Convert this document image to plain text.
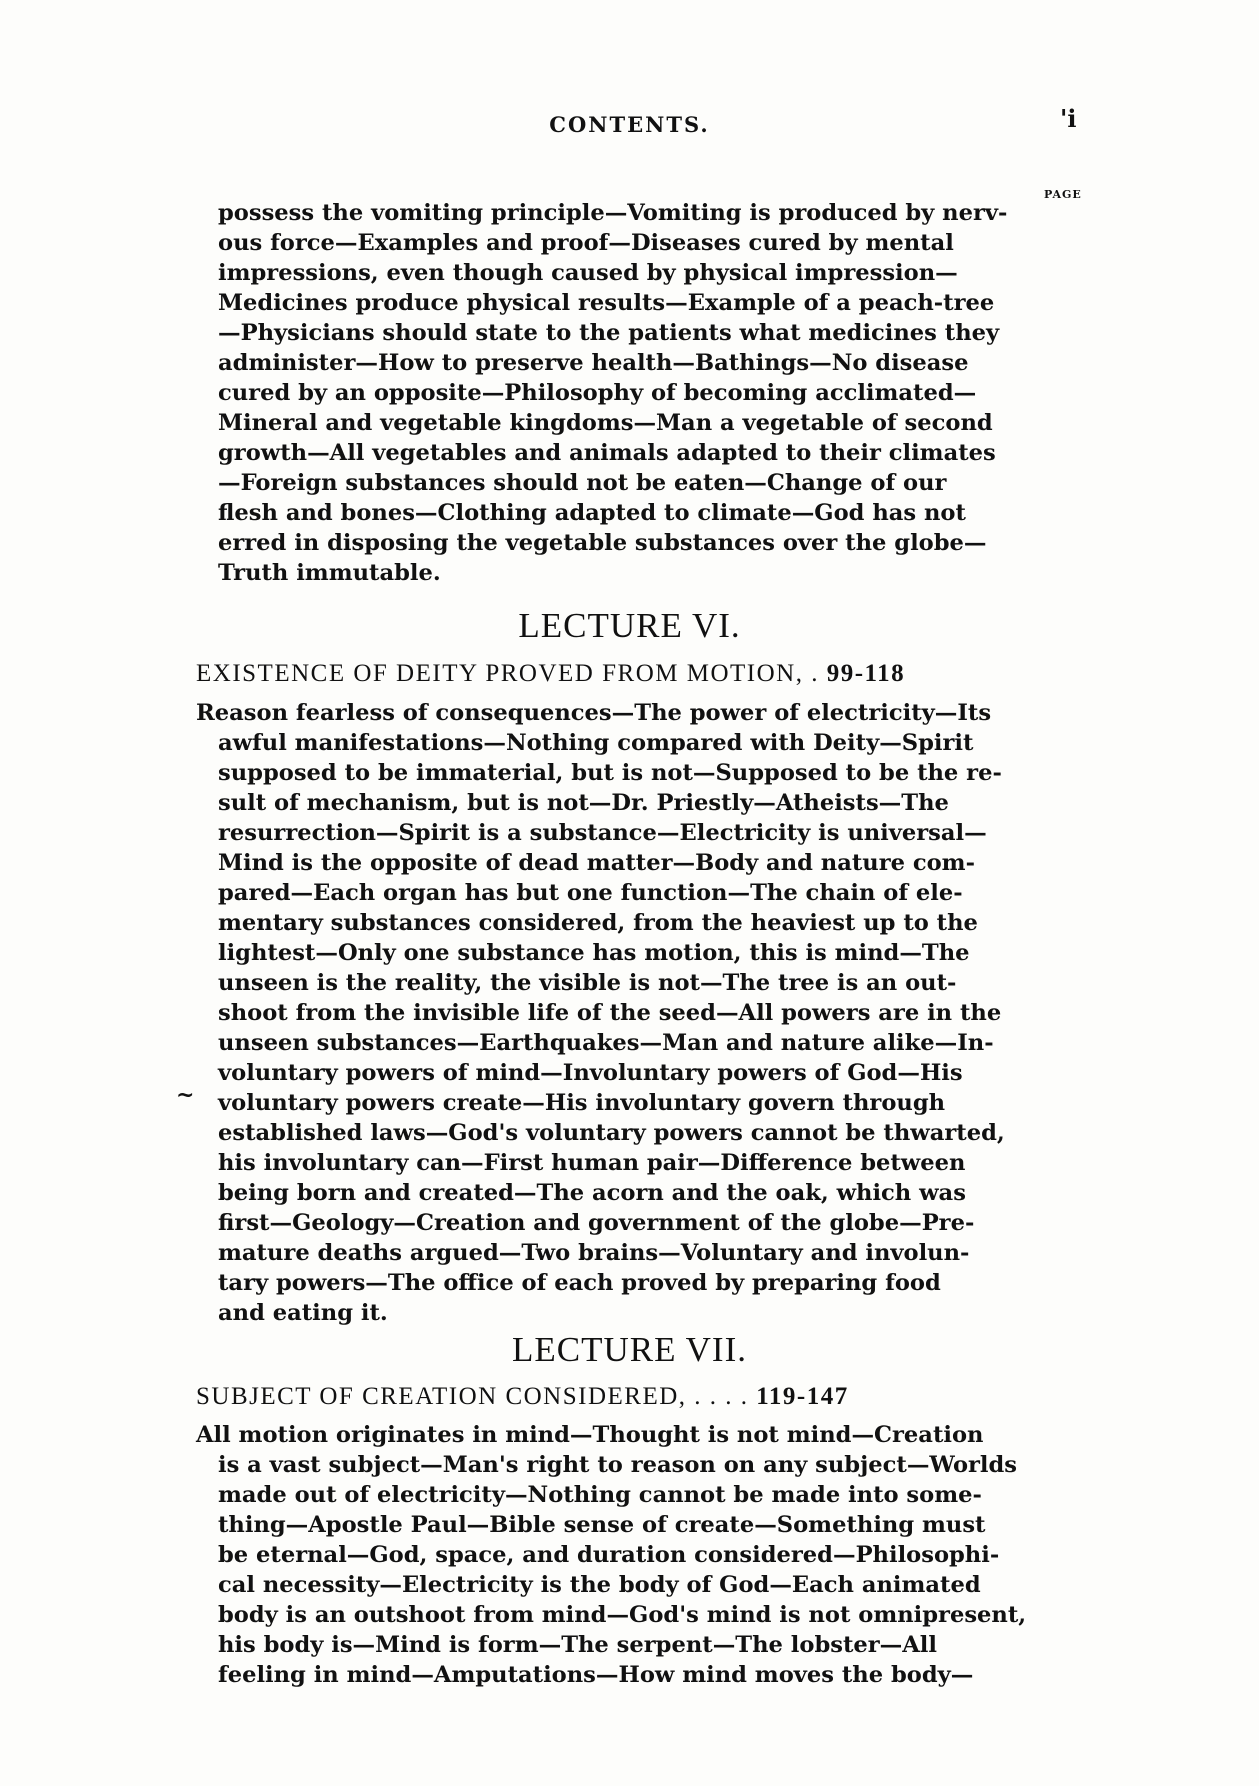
CONTENTS.	'i
PAGE
possess the vomiting principle—Vomiting is produced by nerv-
ous force—Examples and proof—Diseases cured by mental
impressions, even though caused by physical impression—
Medicines produce physical results—Example of a peach-tree
—Physicians should state to the patients what medicines they
administer—How to preserve health—Bathings—No disease
cured by an opposite—Philosophy of becoming acclimated—
Mineral and vegetable kingdoms—Man a vegetable of second
growth—All vegetables and animals adapted to their climates
—Foreign substances should not be eaten—Change of our
flesh and bones—Clothing adapted to climate—God has not
erred in disposing the vegetable substances over the globe—
Truth immutable.
LECTURE VI.
EXISTENCE OF DEITY PROVED FROM MOTION, . 99-118
~
Reason fearless of consequences—The power of electricity—Its
awful manifestations—Nothing compared with Deity—Spirit
supposed to be immaterial, but is not—Supposed to be the re-
sult of mechanism, but is not—Dr. Priestly—Atheists—The
resurrection—Spirit is a substance—Electricity is universal—
Mind is the opposite of dead matter—Body and nature com-
pared—Each organ has but one function—The chain of ele-
mentary substances considered, from the heaviest up to the
lightest—Only one substance has motion, this is mind—The
unseen is the reality, the visible is not—The tree is an out-
shoot from the invisible life of the seed—All powers are in the
unseen substances—Earthquakes—Man and nature alike—In-
voluntary powers of mind—Involuntary powers of God—His
voluntary powers create—His involuntary govern through
established laws—God's voluntary powers cannot be thwarted,
his involuntary can—First human pair—Difference between
being born and created—The acorn and the oak, which was
first—Geology—Creation and government of the globe—Pre-
mature deaths argued—Two brains—Voluntary and involun-
tary powers—The office of each proved by preparing food
and eating it.
LECTURE VII.
SUBJECT OF CREATION CONSIDERED, . . . . 119-147
All motion originates in mind—Thought is not mind—Creation
is a vast subject—Man's right to reason on any subject—Worlds
made out of electricity—Nothing cannot be made into some-
thing—Apostle Paul—Bible sense of create—Something must
be eternal—God, space, and duration considered—Philosophi-
cal necessity—Electricity is the body of God—Each animated
body is an outshoot from mind—God's mind is not omnipresent,
his body is—Mind is form—The serpent—The lobster—All
feeling in mind—Amputations—How mind moves the body—
